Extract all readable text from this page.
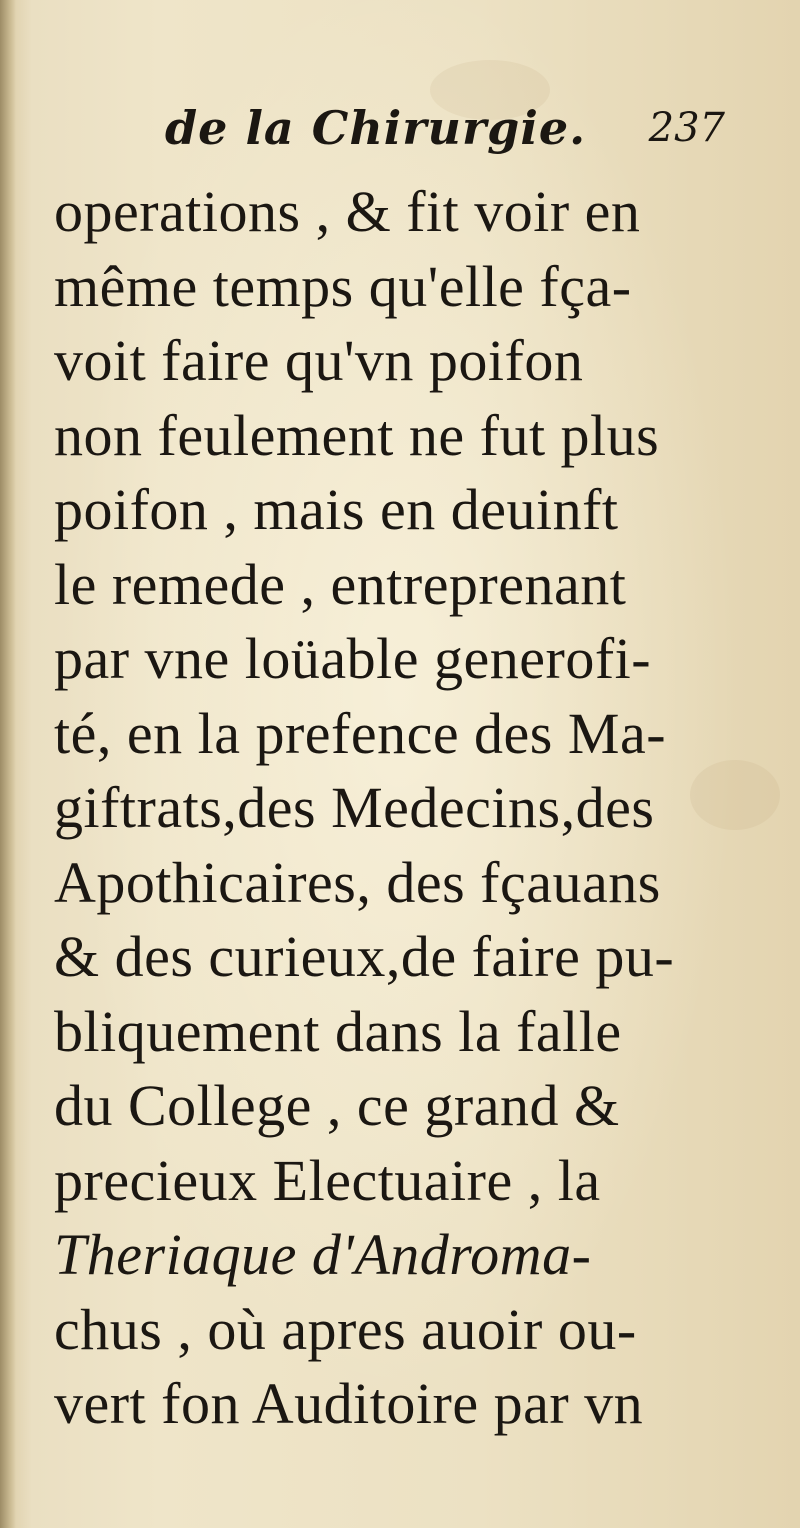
de la Chirurgie. 237
operations , & fit voir en
même temps qu'elle fça-
voit faire qu'vn poifon
non feulement ne fut plus
poifon , mais en deuinft
le remede , entreprenant
par vne loüable generofi-
té, en la prefence des Ma-
giftrats,des Medecins,des
Apothicaires, des fçauans
& des curieux,de faire pu-
bliquement dans la falle
du College , ce grand &
precieux Electuaire , la
Theriaque d'Androma-
chus , où apres auoir ou-
vert fon Auditoire par vn
